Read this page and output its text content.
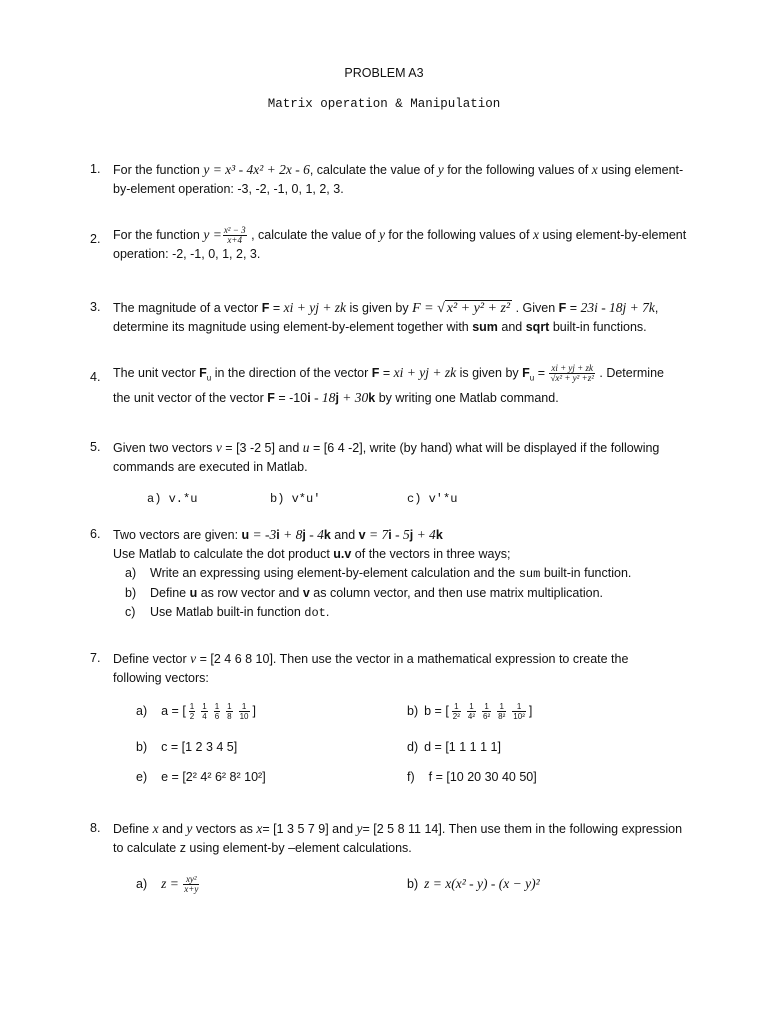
PROBLEM A3
Matrix operation & Manipulation
1.	For the function y = x³ - 4x² + 2x - 6, calculate the value of y for the following values of x using element-
by-element operation: -3, -2, -1, 0, 1, 2, 3.
2.	For the function $y = \frac{\text{x² − 3}}{x+4}$ , calculate the value of y for the following values of x using element-by-element
operation: -2, -1, 0, 1, 2, 3.
3.	The magnitude of a vector F = xi + yj + zk is given by F = √ x² + y² + z² . Given F = 23i - 18j + 7k,
determine its magnitude using element-by-element together with sum and sqrt built-in functions.
4.	The unit vector $F_u$ in the direction of the vector F = xi + yj + zk is given by $F_u = \frac{xi + yj + zk}{\text{√x² + y² +z²}}$ . Determine
the unit vector of the vector F = -10i - 18j + 30k by writing one Matlab command.
5.	Given two vectors v = [3 -2 5] and u = [6 4 -2], write (by hand) what will be displayed if the following
commands are executed in Matlab.
a) v.*u	b) v*u′	c) v′*u
6.	Two vectors are given: u = -3i + 8j - 4k and v = 7i - 5j + 4k
Use Matlab to calculate the dot product u.v of the vectors in three ways;
a) Write an expressing using element-by-element calculation and the sum built-in function.
b) Define u as row vector and v as column vector, and then use matrix multiplication.
c) Use Matlab built-in function dot.
7.	Define vector v = [2 4 6 8 10]. Then use the vector in a mathematical expression to create the
following vectors:
a) a = [ $\frac{1}{2} \frac{1}{4} \frac{1}{6} \frac{1}{8} \frac{1}{10}$ ]	b) b = [ $\frac{1}{\text{2²}} \frac{1}{\text{4²}} \frac{1}{\text{6²}} \frac{1}{\text{8²}} \frac{1}{\text{10²}}$ ]
b) c = [1 2 3 4 5]	d) d = [1 1 1 1 1]
e) e = [2² 4² 6² 8² 10²]	f) f = [10 20 30 40 50]
8.	Define x and y vectors as x= [1 3 5 7 9] and y= [2 5 8 11 14]. Then use them in the following expression
to calculate z using element-by –element calculations.
a) $z = \frac{\text{xy²}}{x+y}$	b) z = x(x² - y) - (x − y)²
